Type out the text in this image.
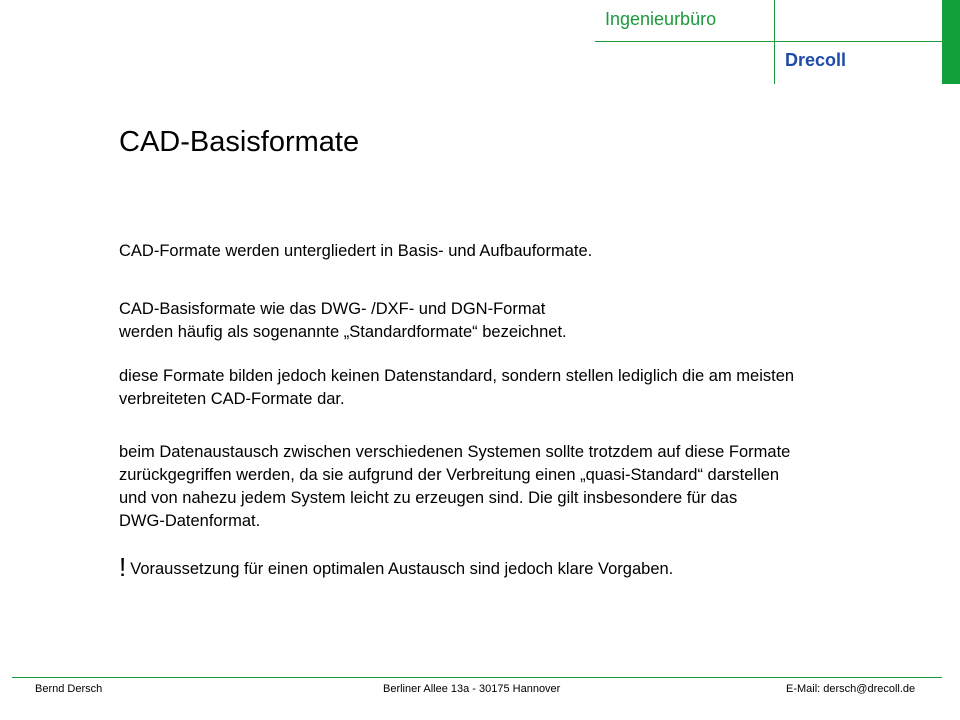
Ingenieurbüro
Drecoll
CAD-Basisformate

CAD-Formate werden untergliedert in Basis- und Aufbauformate.

CAD-Basisformate wie das DWG- /DXF- und DGN-Format
werden häufig als sogenannte „Standardformate“ bezeichnet.

diese Formate bilden jedoch keinen Datenstandard, sondern stellen lediglich die am meisten
verbreiteten CAD-Formate dar.

beim Datenaustausch zwischen verschiedenen Systemen sollte trotzdem auf diese Formate
zurückgegriffen werden, da sie aufgrund der Verbreitung einen „quasi-Standard“ darstellen
und von nahezu jedem System leicht zu erzeugen sind. Die gilt insbesondere für das
DWG-Datenformat.

! Voraussetzung für einen optimalen Austausch sind jedoch klare Vorgaben.

Bernd Dersch	Berliner Allee 13a - 30175 Hannover	E-Mail: dersch@drecoll.de
